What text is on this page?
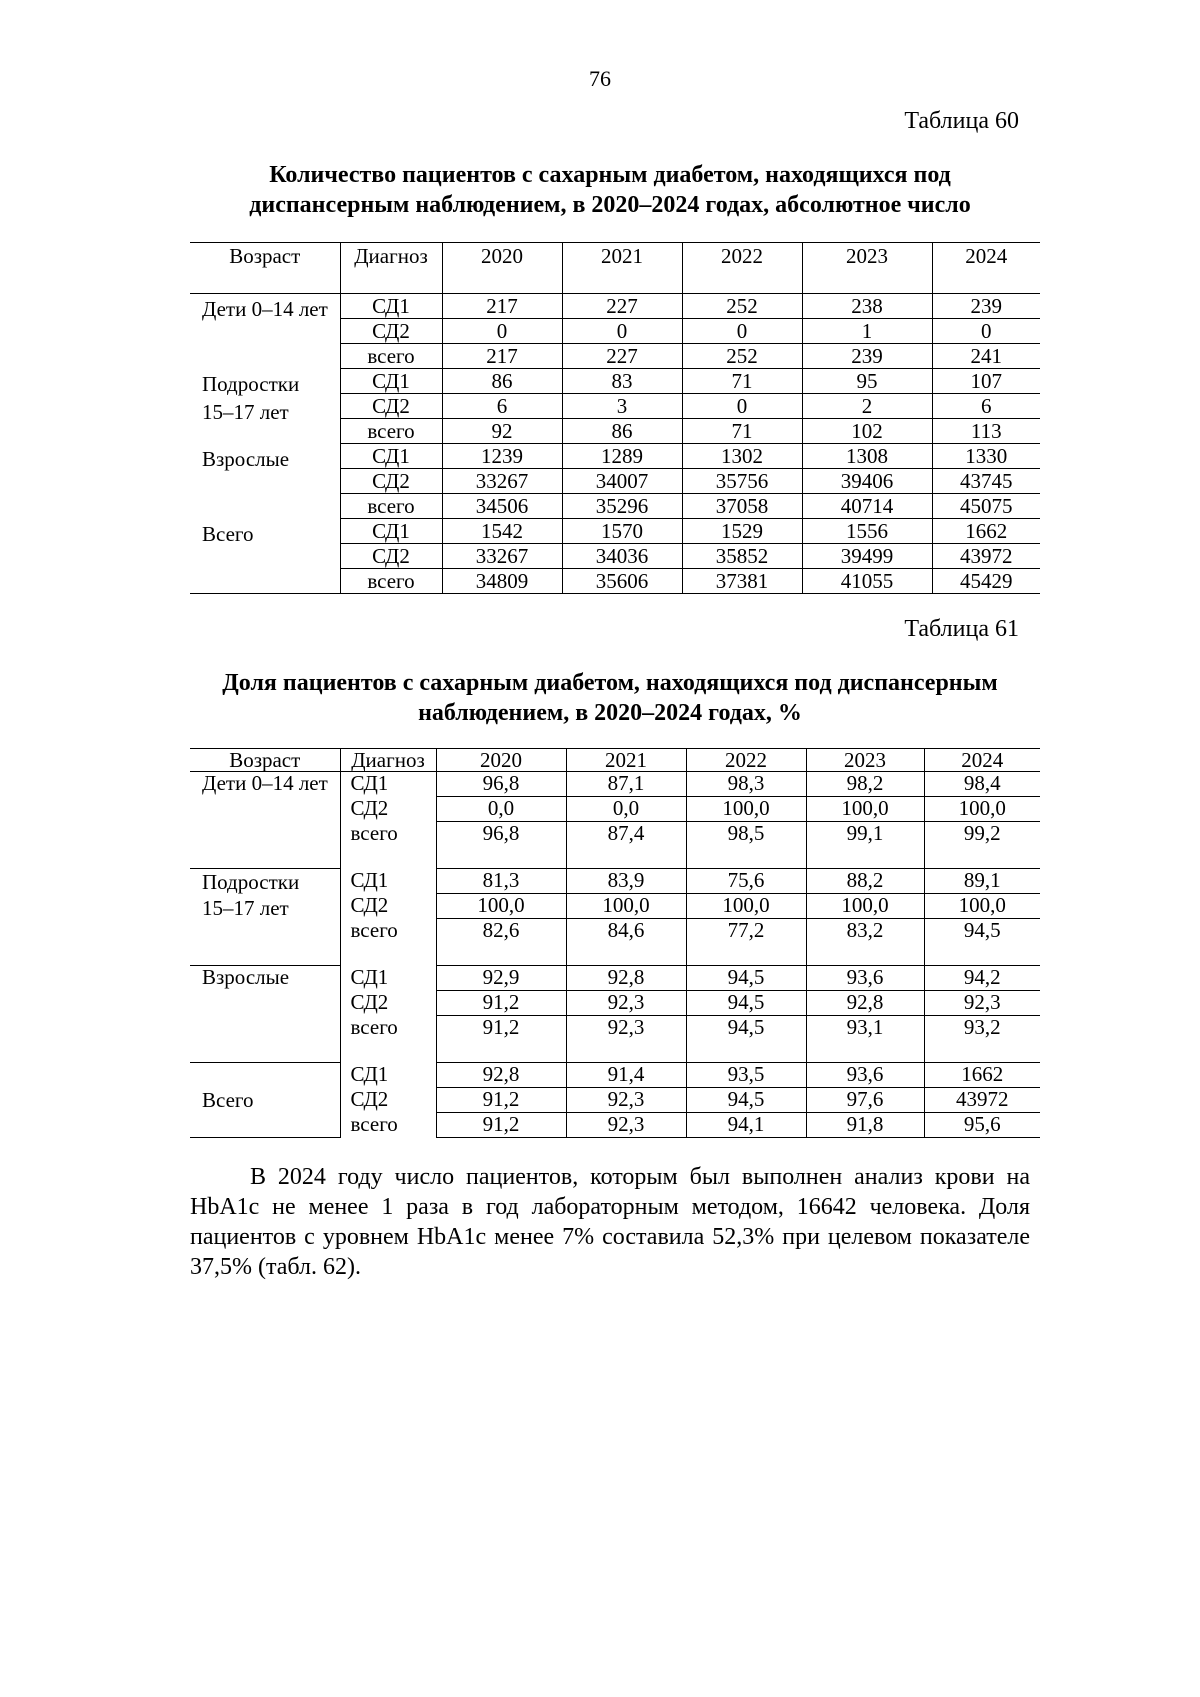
76
Таблица 60
Количество пациентов с сахарным диабетом, находящихся под диспансерным наблюдением, в 2020–2024 годах, абсолютное число
Возраст	Диагноз	2020	2021	2022	2023	2024
Дети 0–14 лет	СД1	217	227	252	238	239
	СД2	0	0	0	1	0
	всего	217	227	252	239	241
Подростки 15–17 лет	СД1	86	83	71	95	107
	СД2	6	3	0	2	6
	всего	92	86	71	102	113
Взрослые	СД1	1239	1289	1302	1308	1330
	СД2	33267	34007	35756	39406	43745
	всего	34506	35296	37058	40714	45075
Всего	СД1	1542	1570	1529	1556	1662
	СД2	33267	34036	35852	39499	43972
	всего	34809	35606	37381	41055	45429
Таблица 61
Доля пациентов с сахарным диабетом, находящихся под диспансерным наблюдением, в 2020–2024 годах, %
Возраст	Диагноз	2020	2021	2022	2023	2024
Дети 0–14 лет	СД1	96,8	87,1	98,3	98,2	98,4
	СД2	0,0	0,0	100,0	100,0	100,0
	всего	96,8	87,4	98,5	99,1	99,2
Подростки 15–17 лет	СД1	81,3	83,9	75,6	88,2	89,1
	СД2	100,0	100,0	100,0	100,0	100,0
	всего	82,6	84,6	77,2	83,2	94,5
Взрослые	СД1	92,9	92,8	94,5	93,6	94,2
	СД2	91,2	92,3	94,5	92,8	92,3
	всего	91,2	92,3	94,5	93,1	93,2
Всего	СД1	92,8	91,4	93,5	93,6	1662
	СД2	91,2	92,3	94,5	97,6	43972
	всего	91,2	92,3	94,1	91,8	95,6

В 2024 году число пациентов, которым был выполнен анализ крови на HbA1c не менее 1 раза в год лабораторным методом, 16642 человека. Доля пациентов с уровнем HbA1c менее 7% составила 52,3% при целевом показателе 37,5% (табл. 62).
